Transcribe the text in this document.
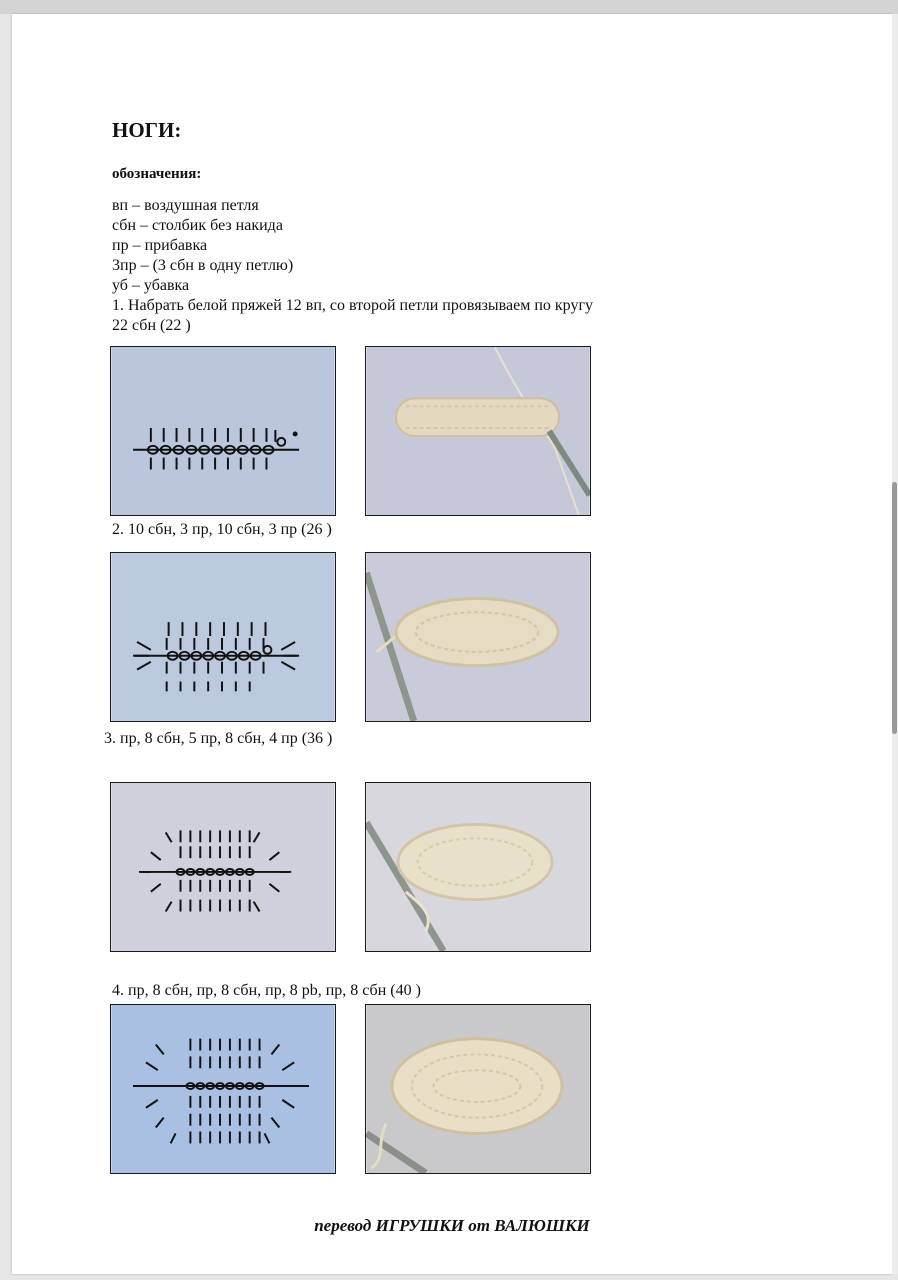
НОГИ:
обозначения:
вп – воздушная петля
сбн – столбик без накида
пр – прибавка
3пр – (3 сбн в одну петлю)
уб – убавка
1. Набрать белой пряжей 12 вп, со второй петли провязываем по кругу
22 сбн (22 )
2. 10 сбн, 3 пр, 10 сбн, 3 пр (26 )
3. пр, 8 сбн, 5 пр, 8 сбн, 4 пр (36 )
4. пр, 8 сбн, пр, 8 сбн, пр, 8 pb, пр, 8 сбн (40 )
перевод ИГРУШКИ от ВАЛЮШКИ
